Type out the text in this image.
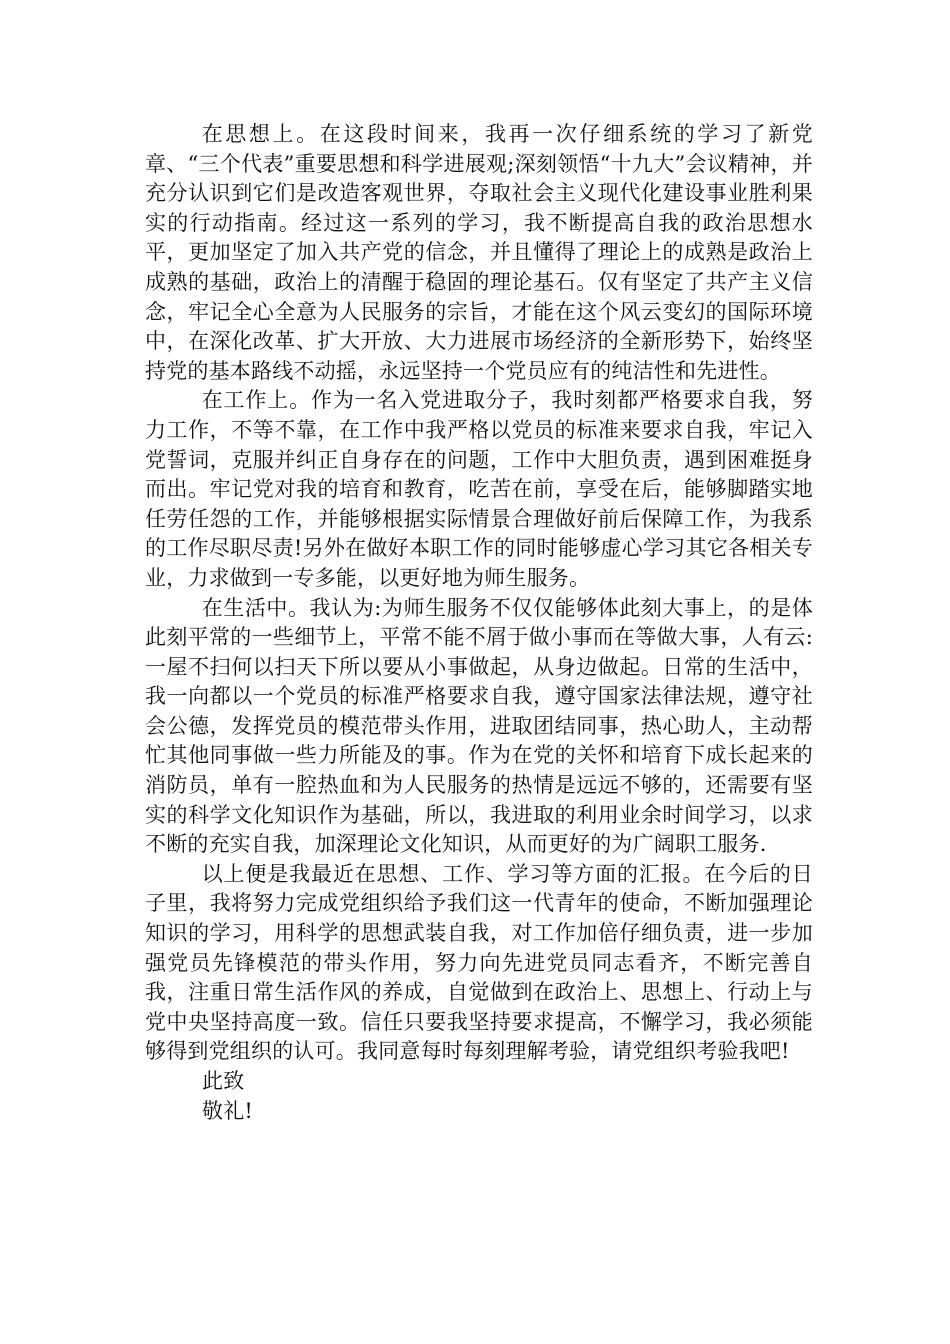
在思想上。在这段时间来，我再一次仔细系统的学习了新党章、“三个代表”重要思想和科学进展观;深刻领悟“十九大”会议精神，并充分认识到它们是改造客观世界，夺取社会主义现代化建设事业胜利果实的行动指南。经过这一系列的学习，我不断提高自我的政治思想水平，更加坚定了加入共产党的信念，并且懂得了理论上的成熟是政治上成熟的基础，政治上的清醒于稳固的理论基石。仅有坚定了共产主义信念，牢记全心全意为人民服务的宗旨，才能在这个风云变幻的国际环境中，在深化改革、扩大开放、大力进展市场经济的全新形势下，始终坚持党的基本路线不动摇，永远坚持一个党员应有的纯洁性和先进性。

在工作上。作为一名入党进取分子，我时刻都严格要求自我，努力工作，不等不靠，在工作中我严格以党员的标准来要求自我，牢记入党誓词，克服并纠正自身存在的问题，工作中大胆负责，遇到困难挺身而出。牢记党对我的培育和教育，吃苦在前，享受在后，能够脚踏实地任劳任怨的工作，并能够根据实际情景合理做好前后保障工作，为我系的工作尽职尽责!另外在做好本职工作的同时能够虚心学习其它各相关专业，力求做到一专多能，以更好地为师生服务。

在生活中。我认为:为师生服务不仅仅能够体此刻大事上，的是体此刻平常的一些细节上，平常不能不屑于做小事而在等做大事，人有云:一屋不扫何以扫天下所以要从小事做起，从身边做起。日常的生活中，我一向都以一个党员的标准严格要求自我，遵守国家法律法规，遵守社会公德，发挥党员的模范带头作用，进取团结同事，热心助人，主动帮忙其他同事做一些力所能及的事。作为在党的关怀和培育下成长起来的消防员，单有一腔热血和为人民服务的热情是远远不够的，还需要有坚实的科学文化知识作为基础，所以，我进取的利用业余时间学习，以求不断的充实自我，加深理论文化知识，从而更好的为广阔职工服务.

以上便是我最近在思想、工作、学习等方面的汇报。在今后的日子里，我将努力完成党组织给予我们这一代青年的使命，不断加强理论知识的学习，用科学的思想武装自我，对工作加倍仔细负责，进一步加强党员先锋模范的带头作用，努力向先进党员同志看齐，不断完善自我，注重日常生活作风的养成，自觉做到在政治上、思想上、行动上与党中央坚持高度一致。信任只要我坚持要求提高，不懈学习，我必须能够得到党组织的认可。我同意每时每刻理解考验，请党组织考验我吧!

此致

敬礼!
